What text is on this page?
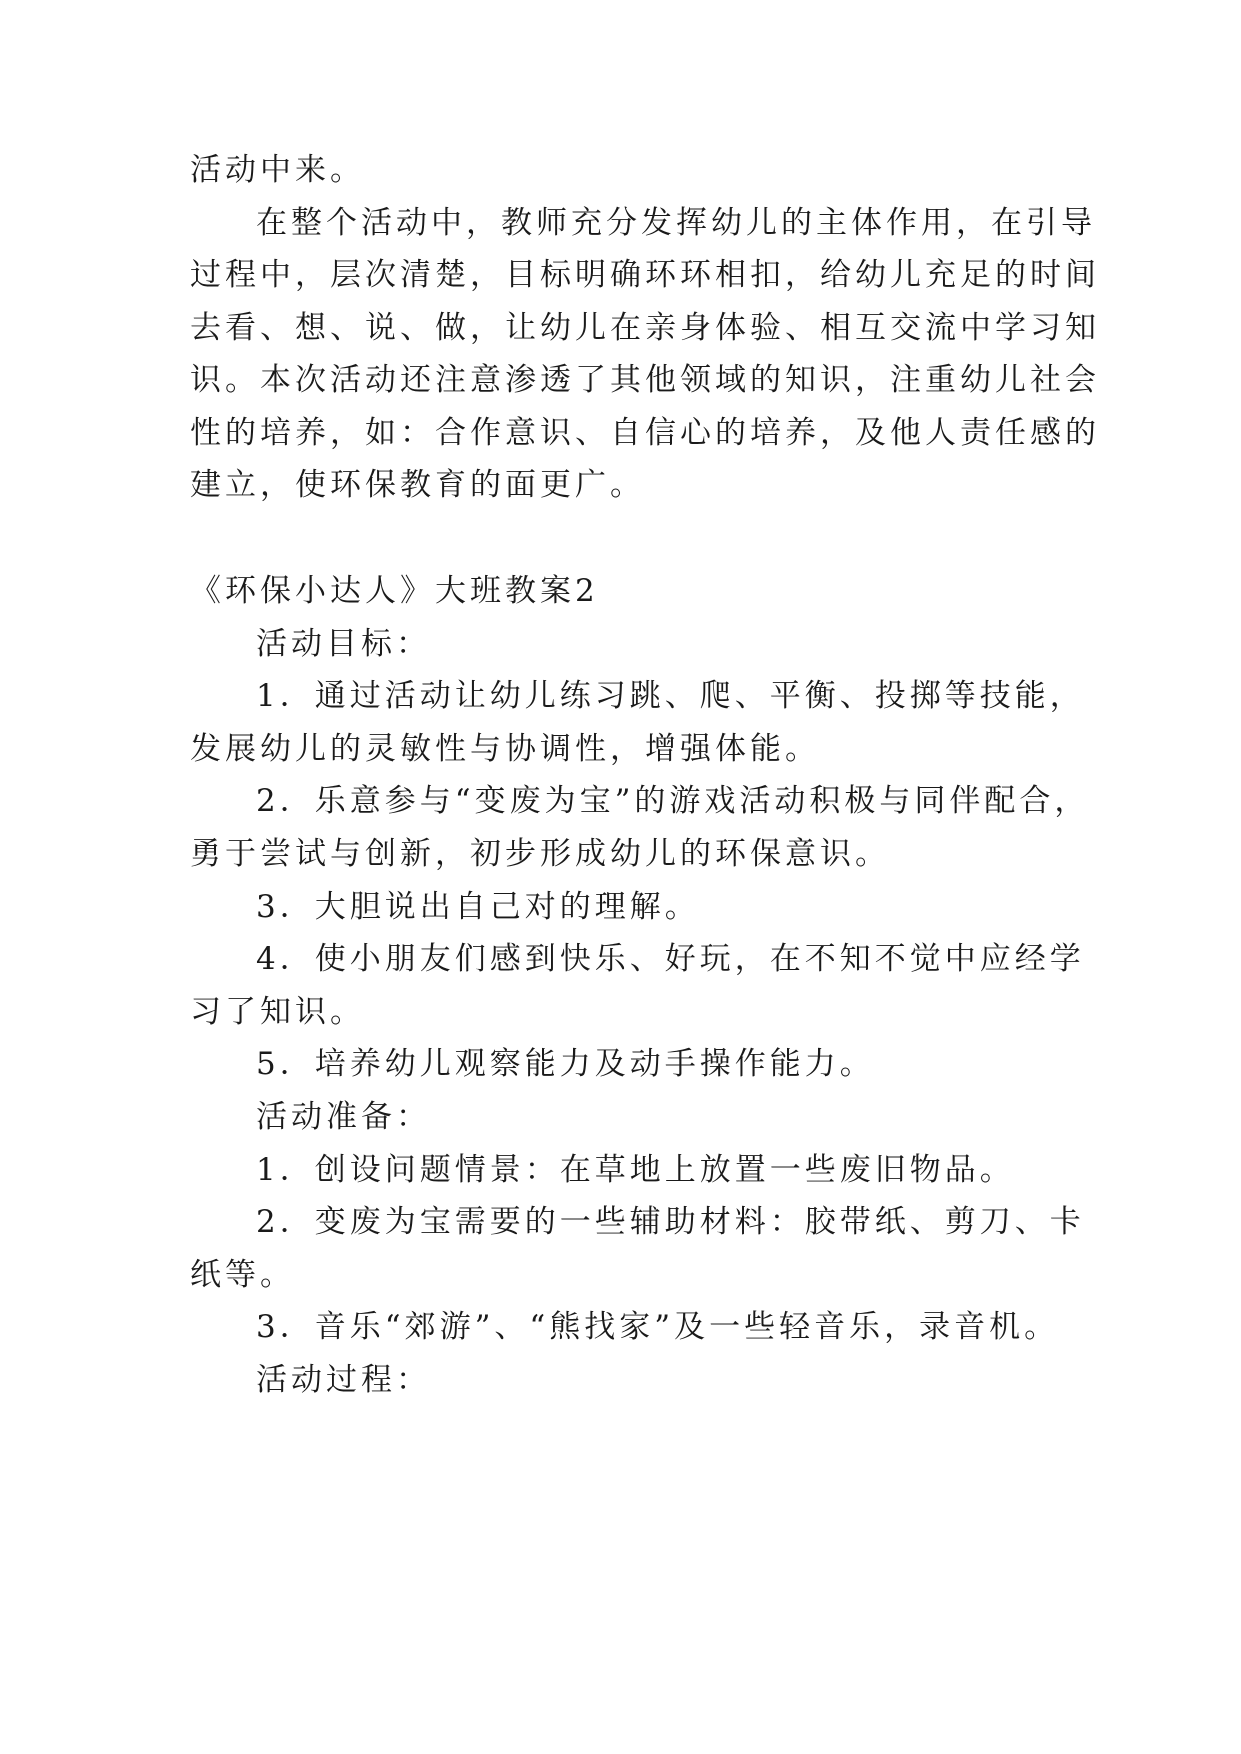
活动中来。
在整个活动中，教师充分发挥幼儿的主体作用，在引导
过程中，层次清楚，目标明确环环相扣，给幼儿充足的时间
去看、想、说、做，让幼儿在亲身体验、相互交流中学习知
识。本次活动还注意渗透了其他领域的知识，注重幼儿社会
性的培养，如：合作意识、自信心的培养，及他人责任感的
建立，使环保教育的面更广。
《环保小达人》大班教案2
活动目标：
1．通过活动让幼儿练习跳、爬、平衡、投掷等技能，
发展幼儿的灵敏性与协调性，增强体能。
2．乐意参与“变废为宝”的游戏活动积极与同伴配合，
勇于尝试与创新，初步形成幼儿的环保意识。
3．大胆说出自己对的理解。
4．使小朋友们感到快乐、好玩，在不知不觉中应经学
习了知识。
5．培养幼儿观察能力及动手操作能力。
活动准备：
1．创设问题情景：在草地上放置一些废旧物品。
2．变废为宝需要的一些辅助材料：胶带纸、剪刀、卡
纸等。
3．音乐“郊游”、“熊找家”及一些轻音乐，录音机。
活动过程：
